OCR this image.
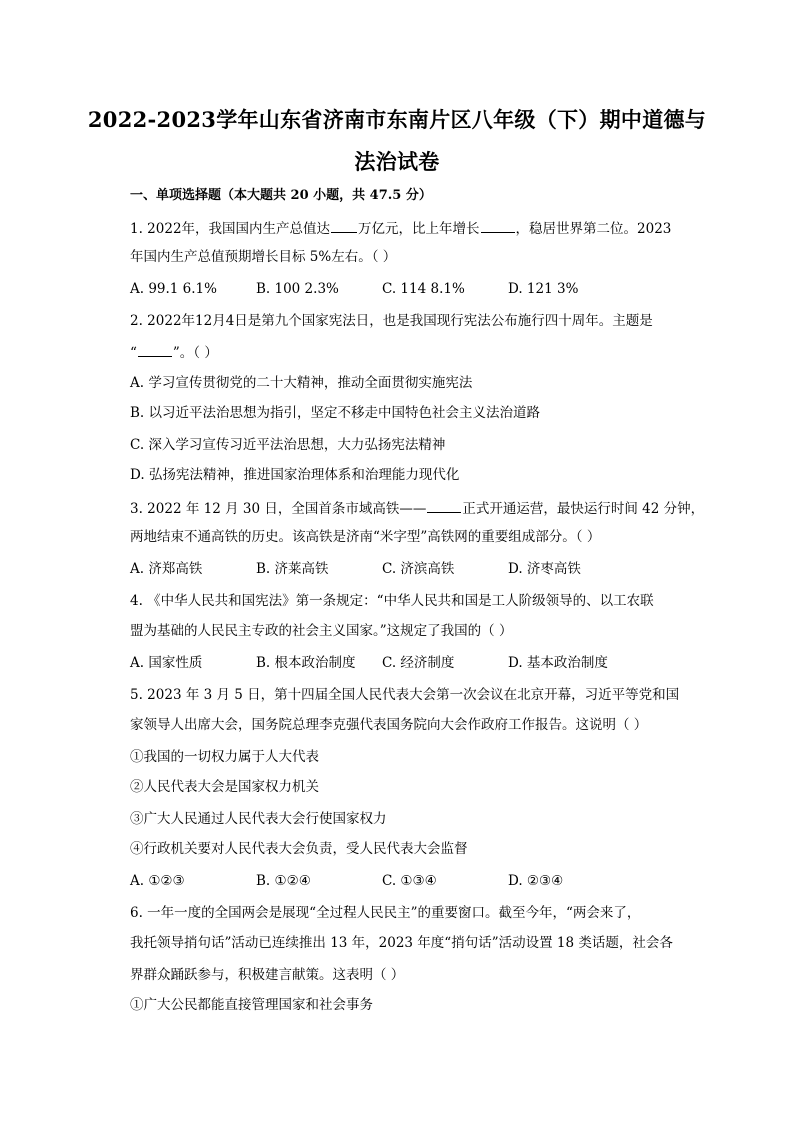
2022-2023学年山东省济南市东南片区八年级（下）期中道德与
法治试卷
一、单项选择题（本大题共 20 小题，共 47.5 分）
1. 2022年，我国国内生产总值达 万亿元，比上年增长	，稳居世界第二位。2023
年国内生产总值预期增长目标 5%左右。（ ）
A. 99.1 6.1%	B. 100 2.3%	C. 114 8.1%	D. 121 3%
2. 2022年12月4日是第九个国家宪法日，也是我国现行宪法公布施行四十周年。主题是
“	”。（ ）
A. 学习宣传贯彻党的二十大精神，推动全面贯彻实施宪法
B. 以习近平法治思想为指引，坚定不移走中国特色社会主义法治道路
C. 深入学习宣传习近平法治思想，大力弘扬宪法精神
D. 弘扬宪法精神，推进国家治理体系和治理能力现代化
3. 2022 年 12 月 30 日，全国首条市域高铁——	正式开通运营，最快运行时间 42 分钟，
两地结束不通高铁的历史。该高铁是济南“米字型”高铁网的重要组成部分。（ ）
A. 济郑高铁	B. 济莱高铁	C. 济滨高铁	D. 济枣高铁
4. 《中华人民共和国宪法》第一条规定：“中华人民共和国是工人阶级领导的、以工农联
盟为基础的人民民主专政的社会主义国家。”这规定了我国的（ ）
A. 国家性质	B. 根本政治制度 C. 经济制度	D. 基本政治制度
5. 2023 年 3 月 5 日，第十四届全国人民代表大会第一次会议在北京开幕，习近平等党和国
家领导人出席大会，国务院总理李克强代表国务院向大会作政府工作报告。这说明（ ）
①我国的一切权力属于人大代表
②人民代表大会是国家权力机关
③广大人民通过人民代表大会行使国家权力
④行政机关要对人民代表大会负责，受人民代表大会监督
A. ①②③	B. ①②④	C. ①③④	D. ②③④
6. 一年一度的全国两会是展现“全过程人民民主”的重要窗口。截至今年，“两会来了，
我托领导捎句话”活动已连续推出 13 年，2023 年度“捎句话”活动设置 18 类话题，社会各
界群众踊跃参与，积极建言献策。这表明（ ）
①广大公民都能直接管理国家和社会事务
